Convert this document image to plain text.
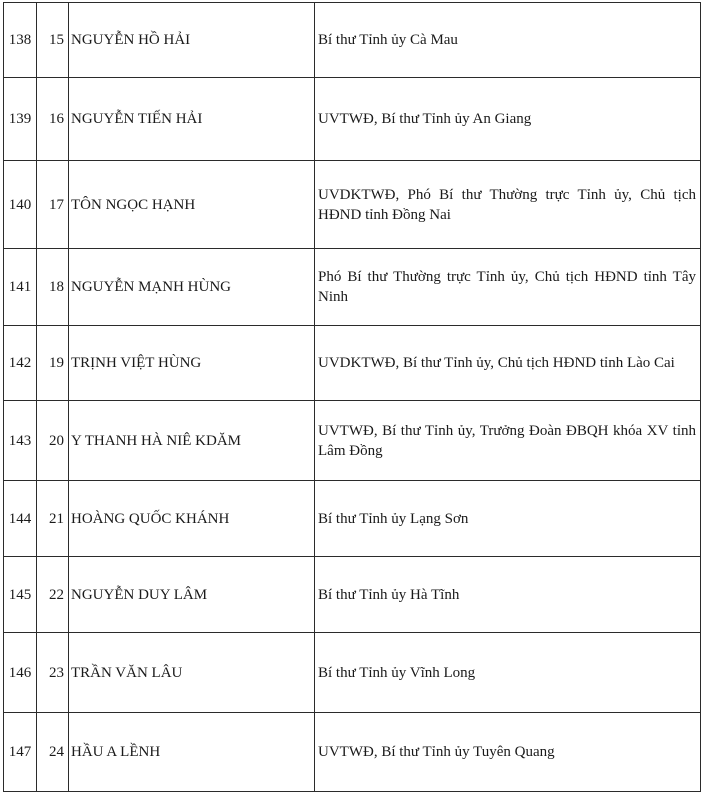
138	15	NGUYỄN HỒ HẢI	Bí thư Tỉnh ủy Cà Mau

139	16	NGUYỄN TIẾN HẢI	UVTWĐ, Bí thư Tỉnh ủy An Giang

140	17	TÔN NGỌC HẠNH	UVDKTWĐ, Phó Bí thư Thường trực Tỉnh ủy, Chủ tịch HĐND tỉnh Đồng Nai

141	18	NGUYỄN MẠNH HÙNG	Phó Bí thư Thường trực Tỉnh ủy, Chủ tịch HĐND tỉnh Tây Ninh

142	19	TRỊNH VIỆT HÙNG	UVDKTWĐ, Bí thư Tỉnh ủy, Chủ tịch HĐND tỉnh Lào Cai

143	20	Y THANH HÀ NIÊ KDĂM	UVTWĐ, Bí thư Tỉnh ủy, Trưởng Đoàn ĐBQH khóa XV tỉnh Lâm Đồng

144	21	HOÀNG QUỐC KHÁNH	Bí thư Tỉnh ủy Lạng Sơn

145	22	NGUYỄN DUY LÂM	Bí thư Tỉnh ủy Hà Tĩnh

146	23	TRẦN VĂN LÂU	Bí thư Tỉnh ủy Vĩnh Long

147	24	HẦU A LỀNH	UVTWĐ, Bí thư Tỉnh ủy Tuyên Quang
